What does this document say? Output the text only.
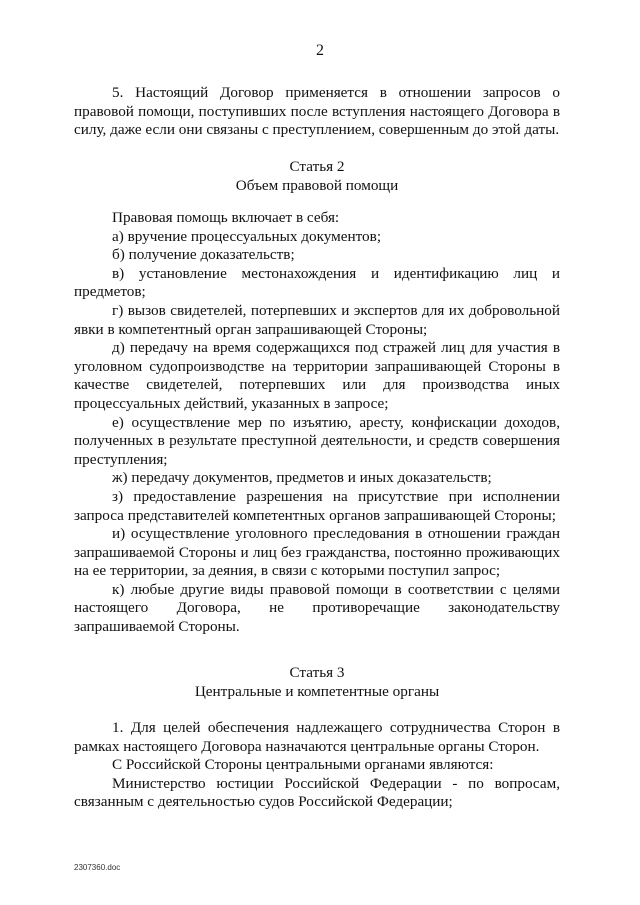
2

5. Настоящий Договор применяется в отношении запросов о правовой помощи, поступивших после вступления настоящего Договора в силу, даже если они связаны с преступлением, совершенным до этой даты.

Статья 2

Объем правовой помощи

Правовая помощь включает в себя:

а) вручение процессуальных документов;

б) получение доказательств;

в) установление местонахождения и идентификацию лиц и предметов;

г) вызов свидетелей, потерпевших и экспертов для их добровольной явки в компетентный орган запрашивающей Стороны;

д) передачу на время содержащихся под стражей лиц для участия в уголовном судопроизводстве на территории запрашивающей Стороны в качестве свидетелей, потерпевших или для производства иных процессуальных действий, указанных в запросе;

е) осуществление мер по изъятию, аресту, конфискации доходов, полученных в результате преступной деятельности, и средств совершения преступления;

ж) передачу документов, предметов и иных доказательств;

з) предоставление разрешения на присутствие при исполнении запроса представителей компетентных органов запрашивающей Стороны;

и) осуществление уголовного преследования в отношении граждан запрашиваемой Стороны и лиц без гражданства, постоянно проживающих на ее территории, за деяния, в связи с которыми поступил запрос;

к) любые другие виды правовой помощи в соответствии с целями настоящего Договора, не противоречащие законодательству запрашиваемой Стороны.

Статья 3

Центральные и компетентные органы

1. Для целей обеспечения надлежащего сотрудничества Сторон в рамках настоящего Договора назначаются центральные органы Сторон.

С Российской Стороны центральными органами являются:

Министерство юстиции Российской Федерации - по вопросам, связанным с деятельностью судов Российской Федерации;

2307360.doc
